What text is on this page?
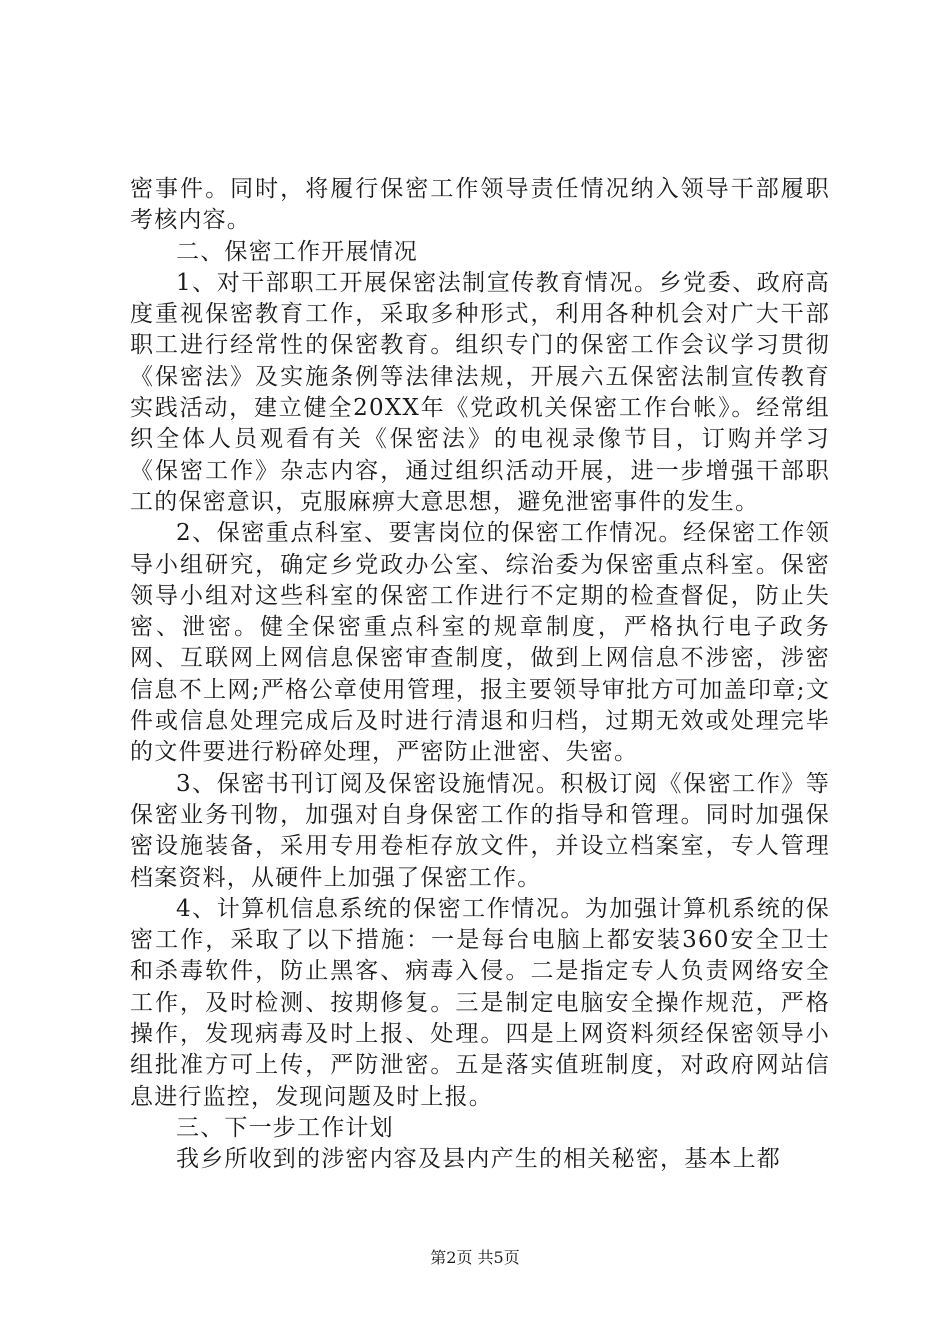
密事件。同时，将履行保密工作领导责任情况纳入领导干部履职考核内容。

二、保密工作开展情况

1、对干部职工开展保密法制宣传教育情况。乡党委、政府高度重视保密教育工作，采取多种形式，利用各种机会对广大干部职工进行经常性的保密教育。组织专门的保密工作会议学习贯彻《保密法》及实施条例等法律法规，开展六五保密法制宣传教育实践活动，建立健全20XX年《党政机关保密工作台帐》。经常组织全体人员观看有关《保密法》的电视录像节目，订购并学习《保密工作》杂志内容，通过组织活动开展，进一步增强干部职工的保密意识，克服麻痹大意思想，避免泄密事件的发生。

2、保密重点科室、要害岗位的保密工作情况。经保密工作领导小组研究，确定乡党政办公室、综治委为保密重点科室。保密领导小组对这些科室的保密工作进行不定期的检查督促，防止失密、泄密。健全保密重点科室的规章制度，严格执行电子政务网、互联网上网信息保密审查制度，做到上网信息不涉密，涉密信息不上网;严格公章使用管理，报主要领导审批方可加盖印章;文件或信息处理完成后及时进行清退和归档，过期无效或处理完毕的文件要进行粉碎处理，严密防止泄密、失密。

3、保密书刊订阅及保密设施情况。积极订阅《保密工作》等保密业务刊物，加强对自身保密工作的指导和管理。同时加强保密设施装备，采用专用卷柜存放文件，并设立档案室，专人管理档案资料，从硬件上加强了保密工作。

4、计算机信息系统的保密工作情况。为加强计算机系统的保密工作，采取了以下措施：一是每台电脑上都安装360安全卫士和杀毒软件，防止黑客、病毒入侵。二是指定专人负责网络安全工作，及时检测、按期修复。三是制定电脑安全操作规范，严格操作，发现病毒及时上报、处理。四是上网资料须经保密领导小组批准方可上传，严防泄密。五是落实值班制度，对政府网站信息进行监控，发现问题及时上报。

三、下一步工作计划

我乡所收到的涉密内容及县内产生的相关秘密，基本上都

第2页 共5页
